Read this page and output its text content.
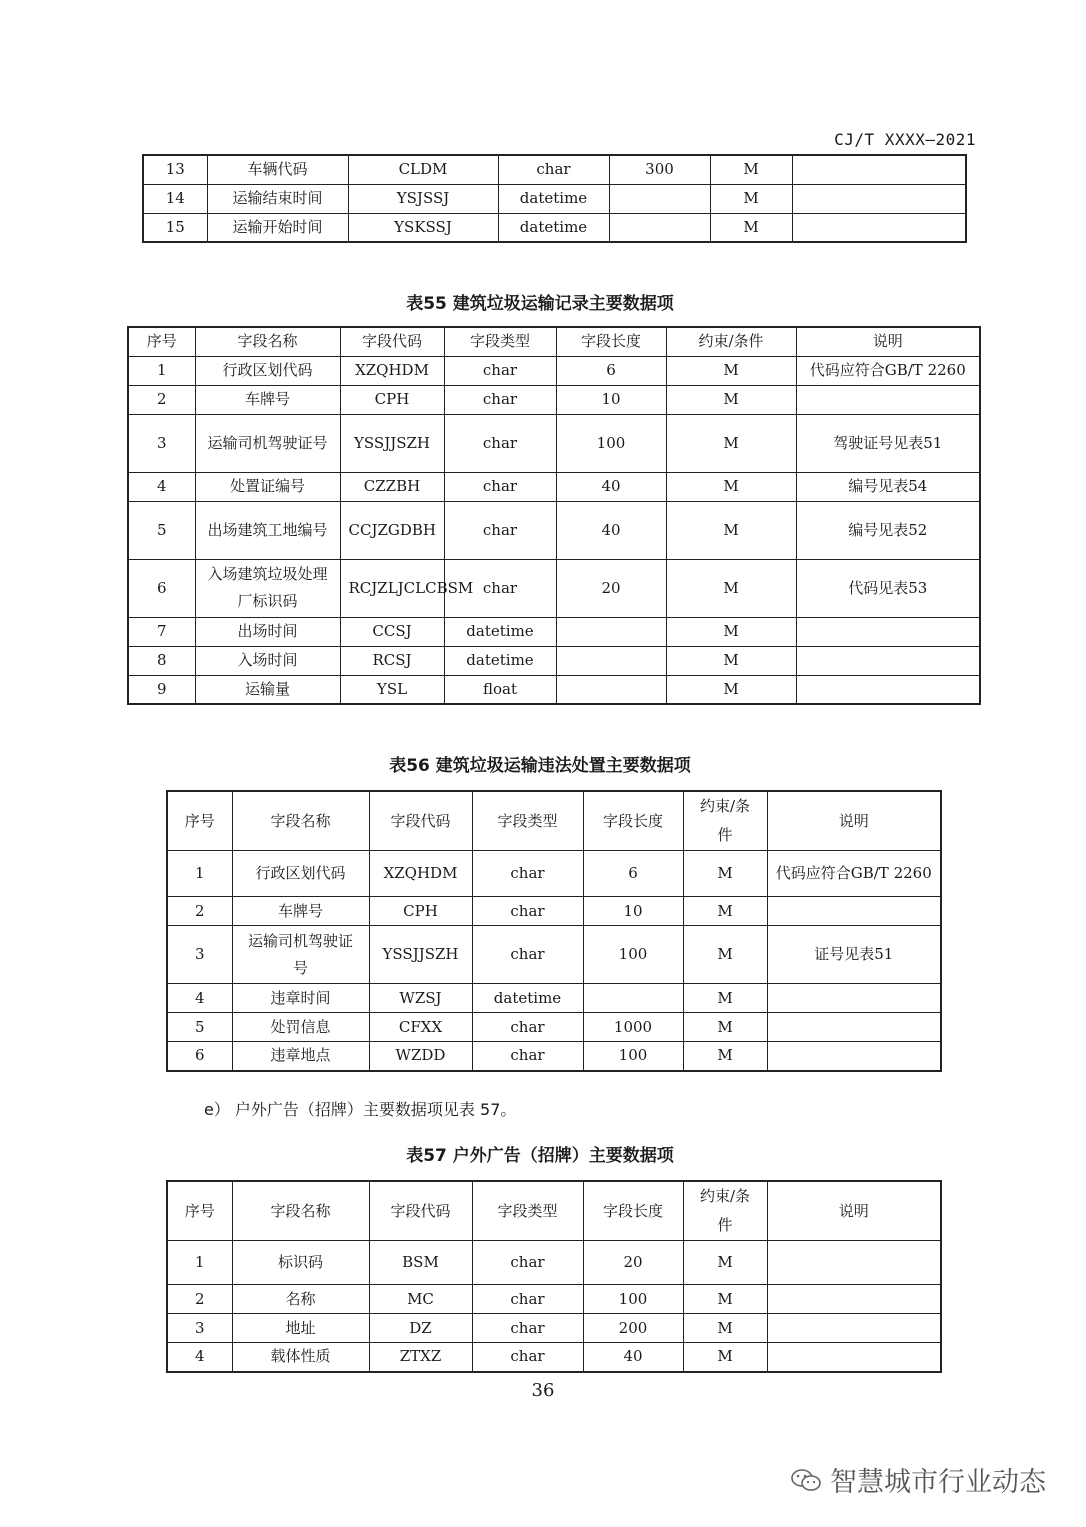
CJ/T XXXX—2021
13	车辆代码	CLDM	char	300	M	
14	运输结束时间	YSJSSJ	datetime		M	
15	运输开始时间	YSKSSJ	datetime		M	
表55 建筑垃圾运输记录主要数据项
序号	字段名称	字段代码	字段类型	字段长度	约束/条件	说明
1	行政区划代码	XZQHDM	char	6	M	代码应符合GB/T 2260
2	车牌号	CPH	char	10	M	
3	运输司机驾驶证号	YSSJJSZH	char	100	M	驾驶证号见表51
4	处置证编号	CZZBH	char	40	M	编号见表54
5	出场建筑工地编号	CCJZGDBH	char	40	M	编号见表52
6	入场建筑垃圾处理厂标识码	RCJZLJCLCBSM	char	20	M	代码见表53
7	出场时间	CCSJ	datetime		M	
8	入场时间	RCSJ	datetime		M	
9	运输量	YSL	float		M	
表56 建筑垃圾运输违法处置主要数据项
序号	字段名称	字段代码	字段类型	字段长度	约束/条件	说明
1	行政区划代码	XZQHDM	char	6	M	代码应符合GB/T 2260
2	车牌号	CPH	char	10	M	
3	运输司机驾驶证号	YSSJJSZH	char	100	M	证号见表51
4	违章时间	WZSJ	datetime		M	
5	处罚信息	CFXX	char	1000	M	
6	违章地点	WZDD	char	100	M	
e） 户外广告（招牌）主要数据项见表 57。
表57 户外广告（招牌）主要数据项
序号	字段名称	字段代码	字段类型	字段长度	约束/条件	说明
1	标识码	BSM	char	20	M	
2	名称	MC	char	100	M	
3	地址	DZ	char	200	M	
4	载体性质	ZTXZ	char	40	M	
36
智慧城市行业动态
